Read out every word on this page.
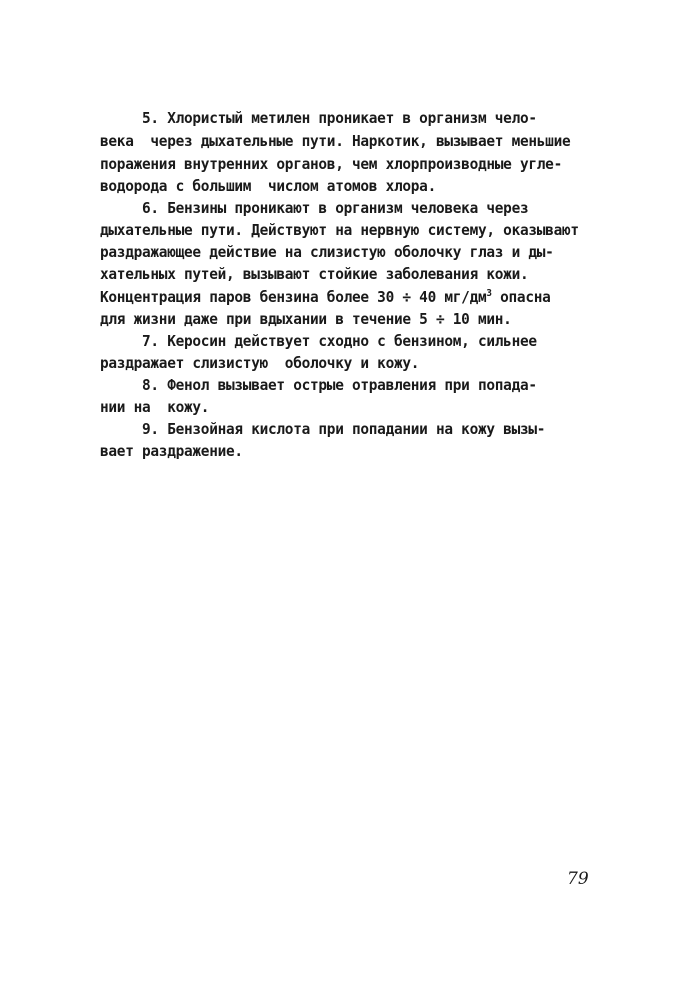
5. Хлористый метилен проникает в организм чело-
века  через дыхательные пути. Наркотик, вызывает меньшие
поражения внутренних органов, чем хлорпроизводные угле-
водорода с большим  числом атомов хлора.
6. Бензины проникают в организм человека через
дыхательные пути. Действуют на нервную систему, оказывают
раздражающее действие на слизистую оболочку глаз и ды-
хательных путей, вызывают стойкие заболевания кожи.
Концентрация паров бензина более 30 ÷ 40 $мг/дм^3$ опасна
для жизни даже при вдыхании в течение 5 ÷ 10 мин.
7. Керосин действует сходно с бензином, сильнее
раздражает слизистую  оболочку и кожу.
8. Фенол вызывает острые отравления при попада-
нии на  кожу.
9. Бензойная кислота при попадании на кожу вызы-
вает раздражение.
79
